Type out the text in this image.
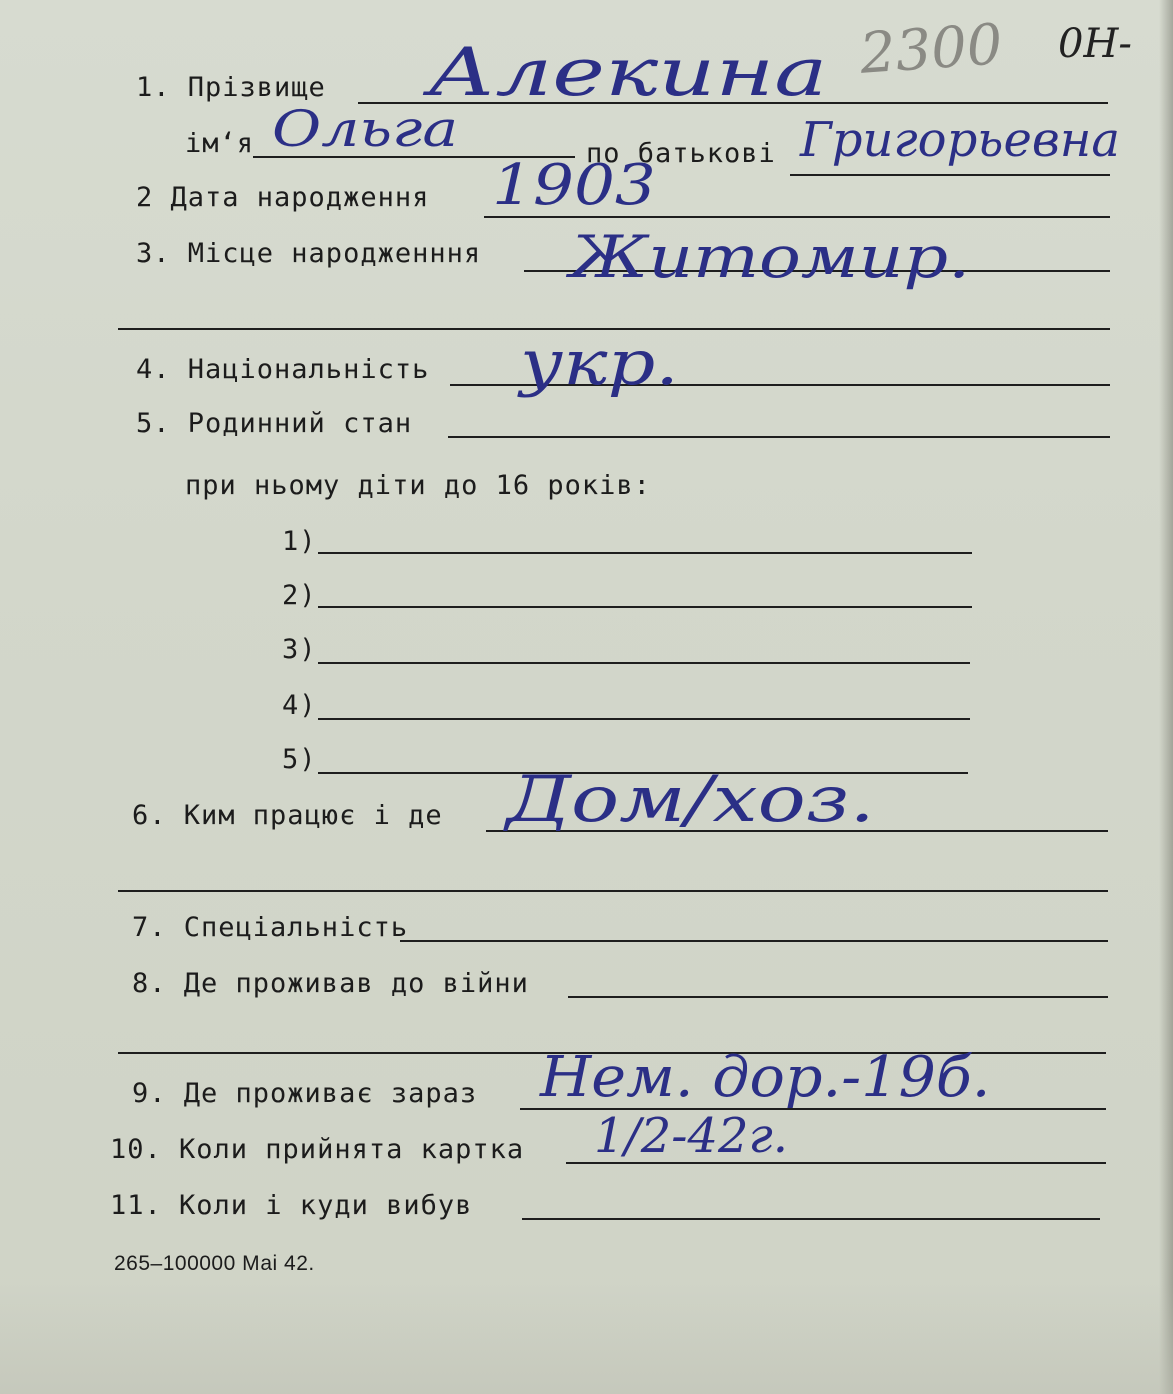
2300 0Н-
1. Прізвище Алекина
ім‘я Ольга	по батькові Григорьевна
2 Дата народження 1903
3. Місце народженння Житомир.
4. Національність укр.
5. Родинний стан
при ньому діти до 16 років:
1)
2)
3)
4)
5)
6. Ким працює і де Дом/хоз.
7. Спеціальність
8. Де проживав до війни
9. Де проживає зараз Нем. дор.-19б.
10. Коли прийнята картка 1/2-42г.
11. Коли і куди вибув
265–100000 Маі 42.
